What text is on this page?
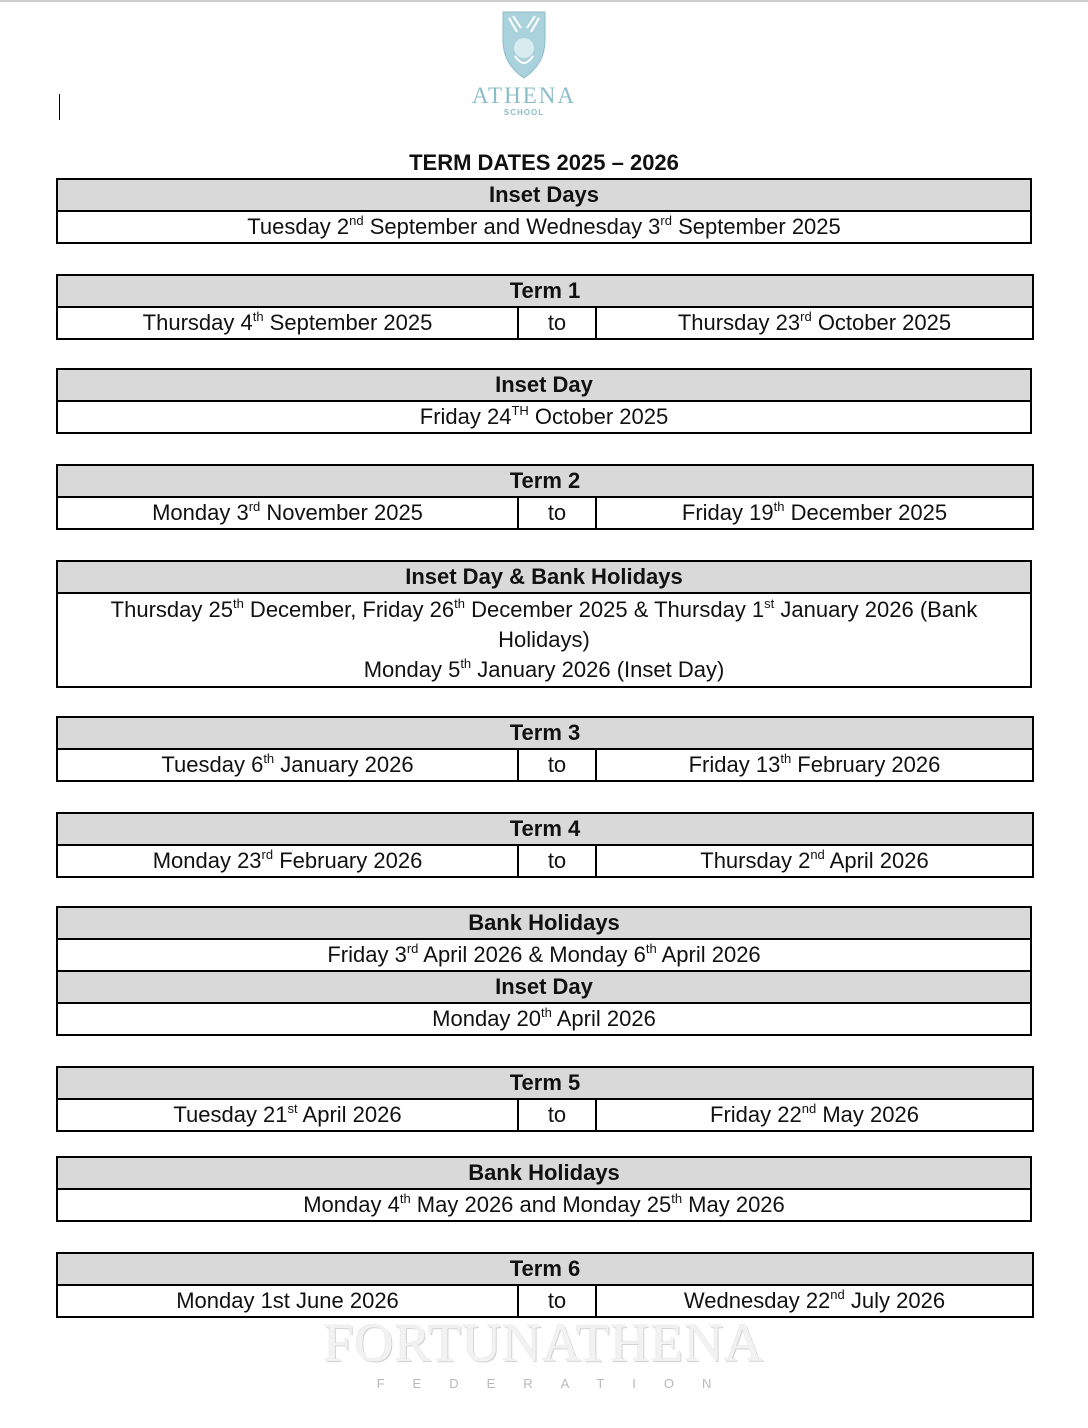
ATHENA
SCHOOL
TERM DATES 2025 – 2026
Inset Days
Tuesday 2nd September and Wednesday 3rd September 2025
Term 1
Thursday 4th September 2025	to	Thursday 23rd October 2025
Inset Day
Friday 24TH October 2025
Term 2
Monday 3rd November 2025	to	Friday 19th December 2025
Inset Day & Bank Holidays
Thursday 25th December, Friday 26th December 2025 & Thursday 1st January 2026 (Bank Holidays)
Monday 5th January 2026 (Inset Day)
Term 3
Tuesday 6th January 2026	to	Friday 13th February 2026
Term 4
Monday 23rd February 2026	to	Thursday 2nd April 2026
Bank Holidays
Friday 3rd April 2026 & Monday 6th April 2026
Inset Day
Monday 20th April 2026
Term 5
Tuesday 21st April 2026	to	Friday 22nd May 2026
Bank Holidays
Monday 4th May 2026 and Monday 25th May 2026
Term 6
Monday 1st June 2026	to	Wednesday 22nd July 2026
FORTUNATHENA
FEDERATION
